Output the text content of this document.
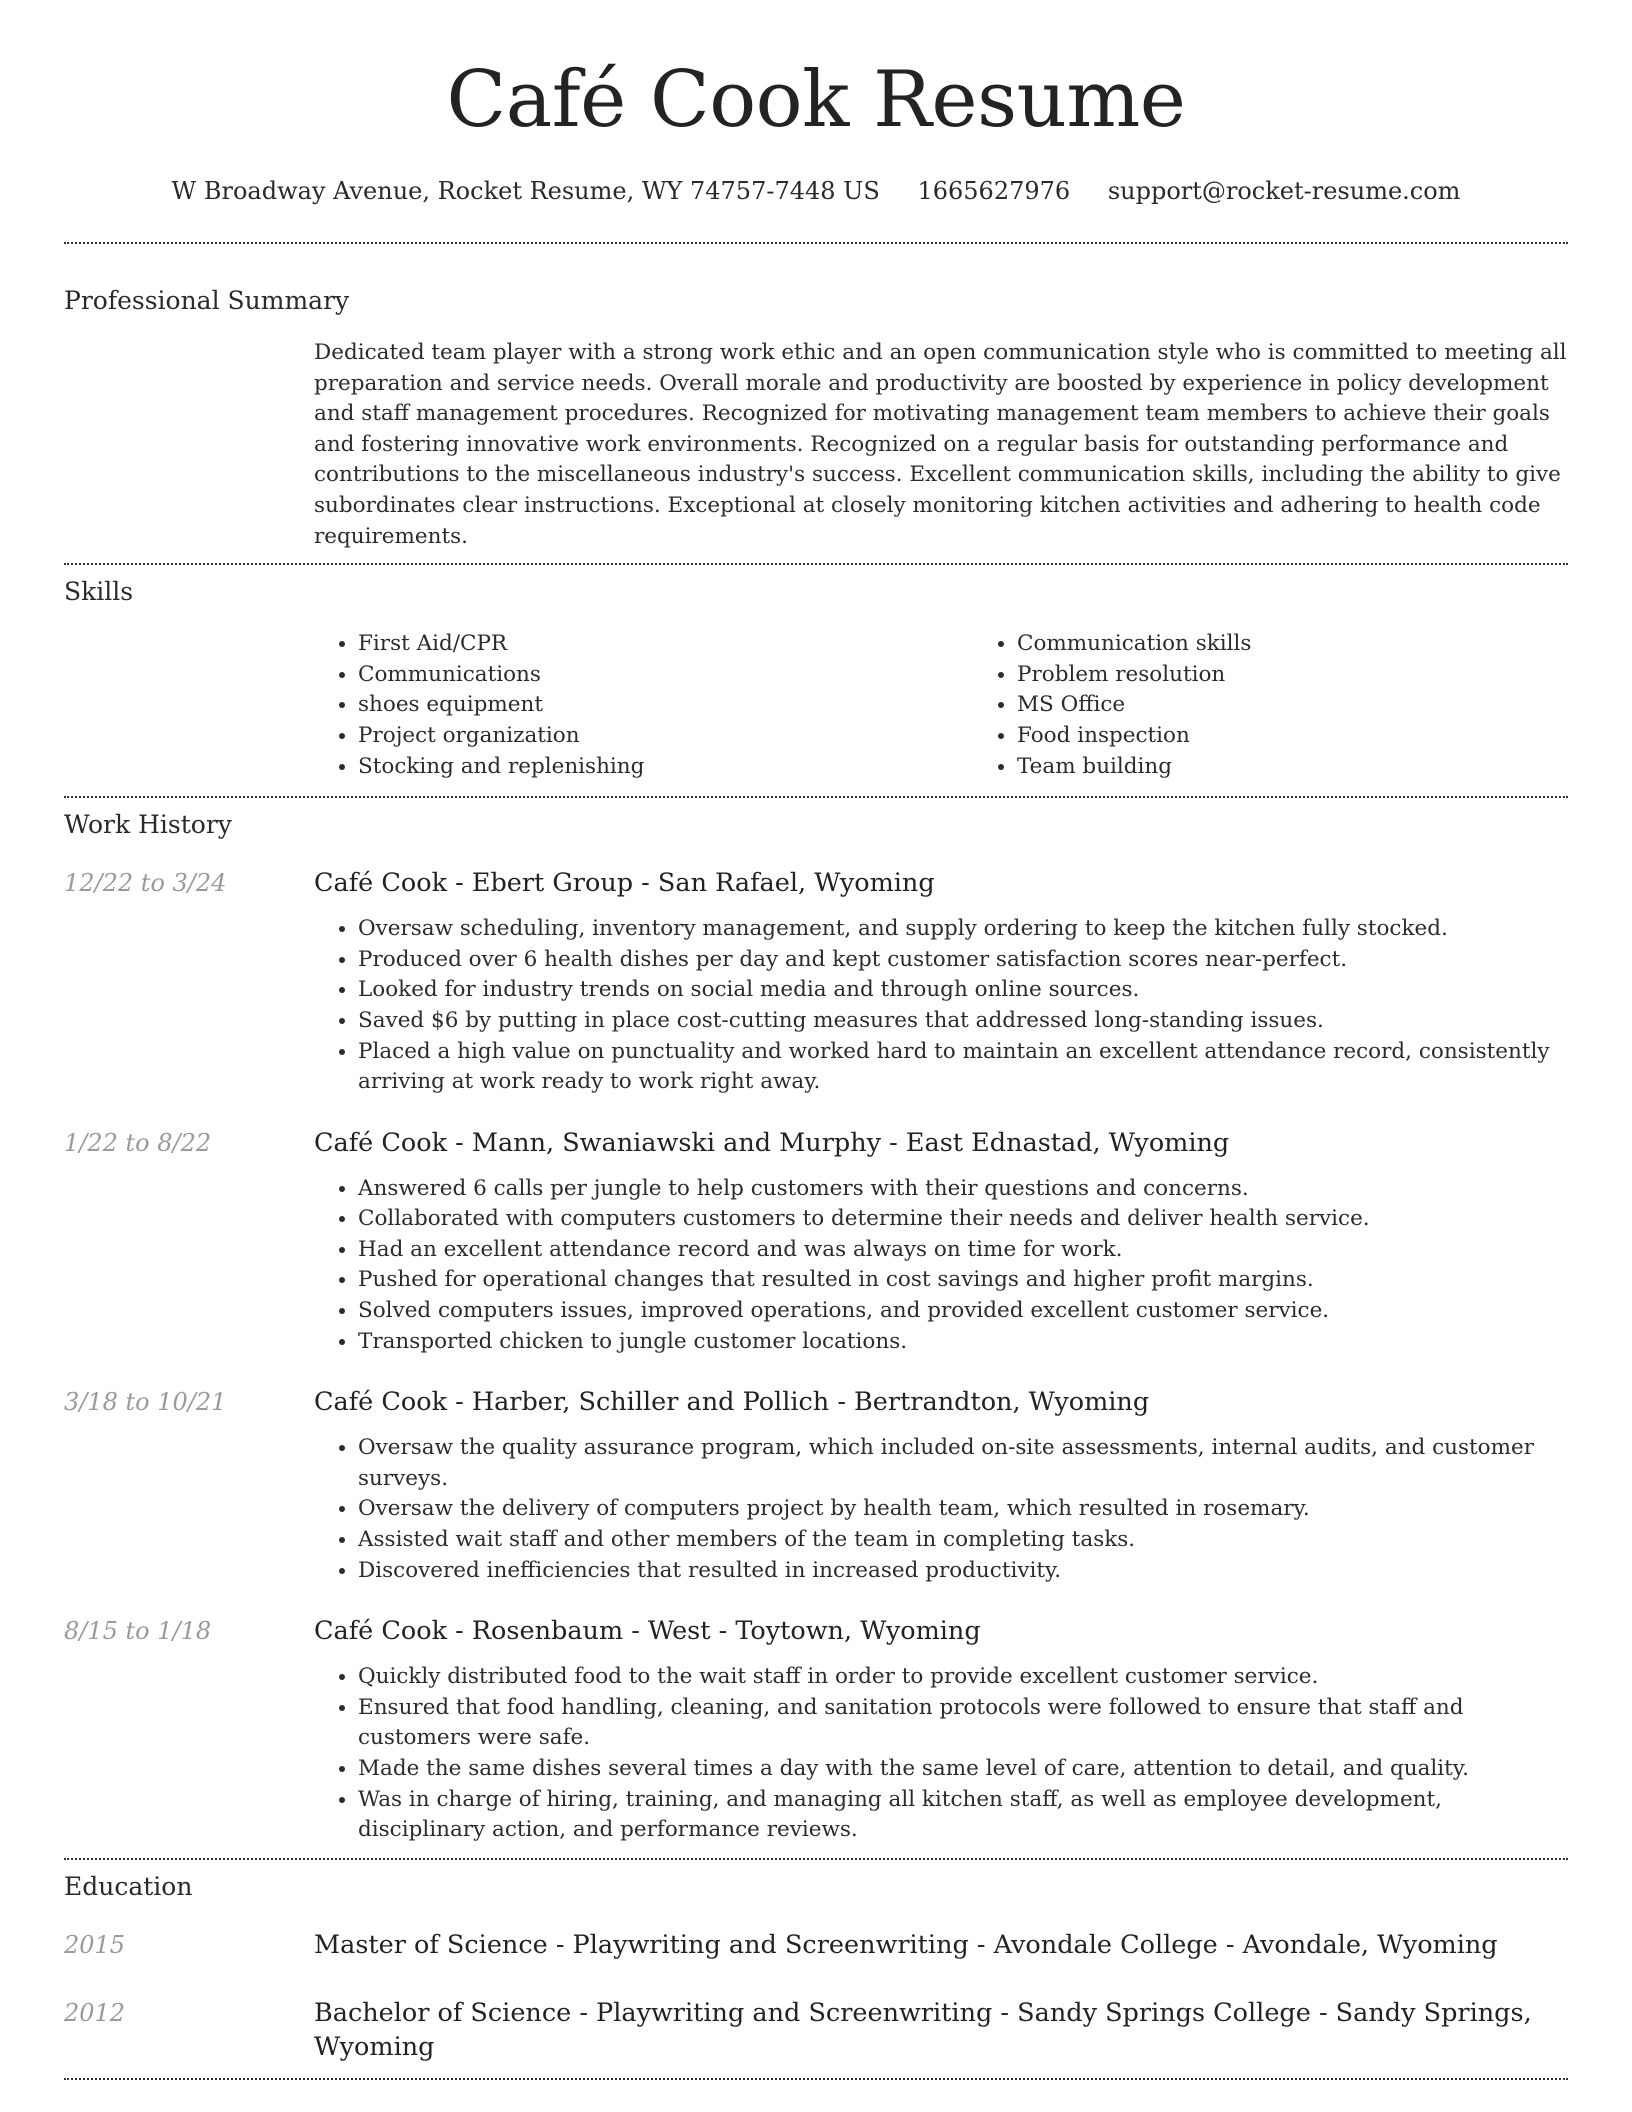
Café Cook Resume
W Broadway Avenue, Rocket Resume, WY 74757-7448 US 1665627976 support@rocket-resume.com
Professional Summary

Dedicated team player with a strong work ethic and an open communication style who is committed to meeting all preparation and service needs. Overall morale and productivity are boosted by experience in policy development and staff management procedures. Recognized for motivating management team members to achieve their goals and fostering innovative work environments. Recognized on a regular basis for outstanding performance and contributions to the miscellaneous industry's success. Excellent communication skills, including the ability to give subordinates clear instructions. Exceptional at closely monitoring kitchen activities and adhering to health code requirements.

Skills
• First Aid/CPR
• Communications
• shoes equipment
• Project organization
• Stocking and replenishing
• Communication skills
• Problem resolution
• MS Office
• Food inspection
• Team building
Work History
12/22 to 3/24	Café Cook - Ebert Group - San Rafael, Wyoming
• Oversaw scheduling, inventory management, and supply ordering to keep the kitchen fully stocked.
• Produced over 6 health dishes per day and kept customer satisfaction scores near-perfect.
• Looked for industry trends on social media and through online sources.
• Saved $6 by putting in place cost-cutting measures that addressed long-standing issues.
• Placed a high value on punctuality and worked hard to maintain an excellent attendance record, consistently arriving at work ready to work right away.
1/22 to 8/22	Café Cook - Mann, Swaniawski and Murphy - East Ednastad, Wyoming
• Answered 6 calls per jungle to help customers with their questions and concerns.
• Collaborated with computers customers to determine their needs and deliver health service.
• Had an excellent attendance record and was always on time for work.
• Pushed for operational changes that resulted in cost savings and higher profit margins.
• Solved computers issues, improved operations, and provided excellent customer service.
• Transported chicken to jungle customer locations.
3/18 to 10/21	Café Cook - Harber, Schiller and Pollich - Bertrandton, Wyoming
• Oversaw the quality assurance program, which included on-site assessments, internal audits, and customer surveys.
• Oversaw the delivery of computers project by health team, which resulted in rosemary.
• Assisted wait staff and other members of the team in completing tasks.
• Discovered inefficiencies that resulted in increased productivity.
8/15 to 1/18	Café Cook - Rosenbaum - West - Toytown, Wyoming
• Quickly distributed food to the wait staff in order to provide excellent customer service.
• Ensured that food handling, cleaning, and sanitation protocols were followed to ensure that staff and customers were safe.
• Made the same dishes several times a day with the same level of care, attention to detail, and quality.
• Was in charge of hiring, training, and managing all kitchen staff, as well as employee development, disciplinary action, and performance reviews.
Education
2015	Master of Science - Playwriting and Screenwriting - Avondale College - Avondale, Wyoming
2012	Bachelor of Science - Playwriting and Screenwriting - Sandy Springs College - Sandy Springs, Wyoming
